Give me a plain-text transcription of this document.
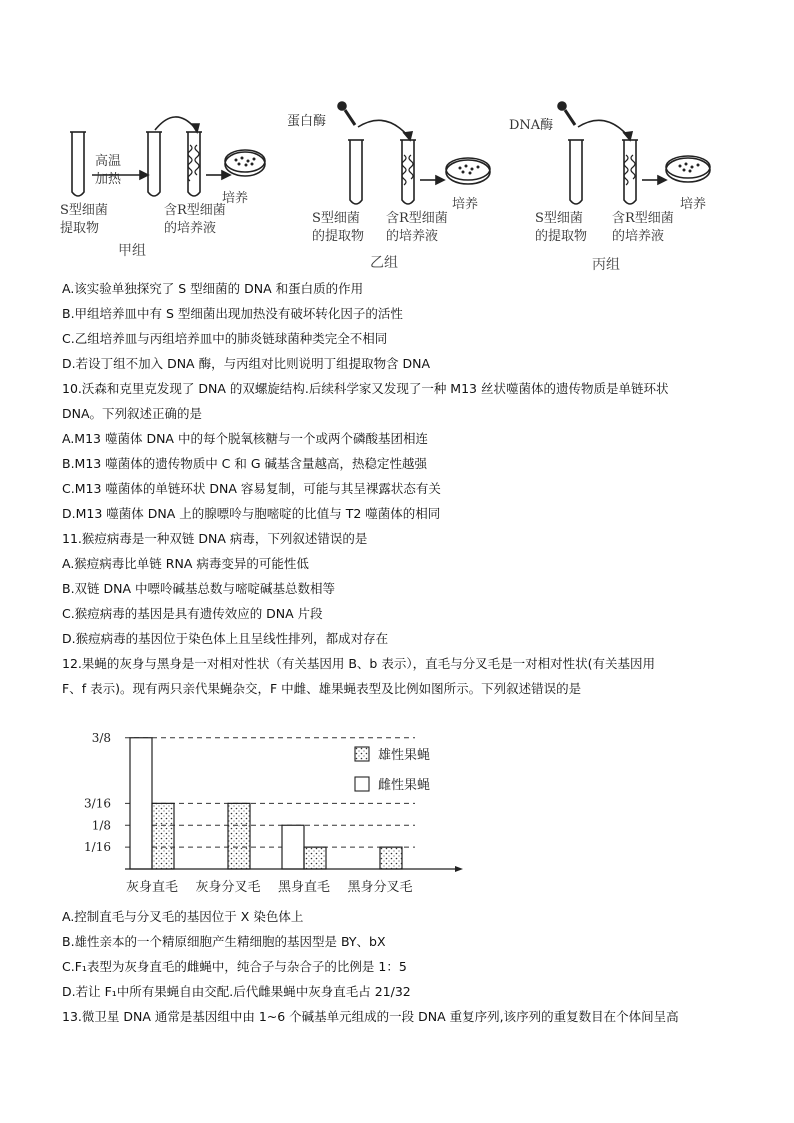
高温
加热
S型细菌
提取物
含R型细菌
的培养液
培养
甲组
蛋白酶
S型细菌
的提取物
含R型细菌
的培养液
培养
乙组
DNA酶
S型细菌
的提取物
含R型细菌
的培养液
培养
丙组
A.该实验单独探究了 S 型细菌的 DNA 和蛋白质的作用
B.甲组培养皿中有 S 型细菌出现加热没有破坏转化因子的活性
C.乙组培养皿与丙组培养皿中的肺炎链球菌种类完全不相同
D.若设丁组不加入 DNA 酶，与丙组对比则说明丁组提取物含 DNA
10.沃森和克里克发现了 DNA 的双螺旋结构.后续科学家又发现了一种 M13 丝状噬菌体的遗传物质是单链环状
DNA。下列叙述正确的是
A.M13 噬菌体 DNA 中的每个脱氧核糖与一个或两个磷酸基团相连
B.M13 噬菌体的遗传物质中 C 和 G 碱基含量越高，热稳定性越强
C.M13 噬菌体的单链环状 DNA 容易复制，可能与其呈裸露状态有关
D.M13 噬菌体 DNA 上的腺嘌呤与胞嘧啶的比值与 T2 噬菌体的相同
11.猴痘病毒是一种双链 DNA 病毒，下列叙述错误的是
A.猴痘病毒比单链 RNA 病毒变异的可能性低
B.双链 DNA 中嘌呤碱基总数与嘧啶碱基总数相等
C.猴痘病毒的基因是具有遗传效应的 DNA 片段
D.猴痘病毒的基因位于染色体上且呈线性排列，都成对存在
12.果蝇的灰身与黑身是一对相对性状（有关基因用 B、b 表示），直毛与分叉毛是一对相对性状(有关基因用
F、f 表示)。现有两只亲代果蝇杂交，F 中雌、雄果蝇表型及比例如图所示。下列叙述错误的是
3/8
3/16
1/8
1/16
灰身直毛 灰身分叉毛 黑身直毛 黑身分叉毛
雄性果蝇
雌性果蝇
A.控制直毛与分叉毛的基因位于 X 染色体上
B.雄性亲本的一个精原细胞产生精细胞的基因型是 BY、bX
C.F₁表型为灰身直毛的雌蝇中，纯合子与杂合子的比例是 1：5
D.若让 F₁中所有果蝇自由交配.后代雌果蝇中灰身直毛占 21/32
13.微卫星 DNA 通常是基因组中由 1~6 个碱基单元组成的一段 DNA 重复序列,该序列的重复数目在个体间呈高
